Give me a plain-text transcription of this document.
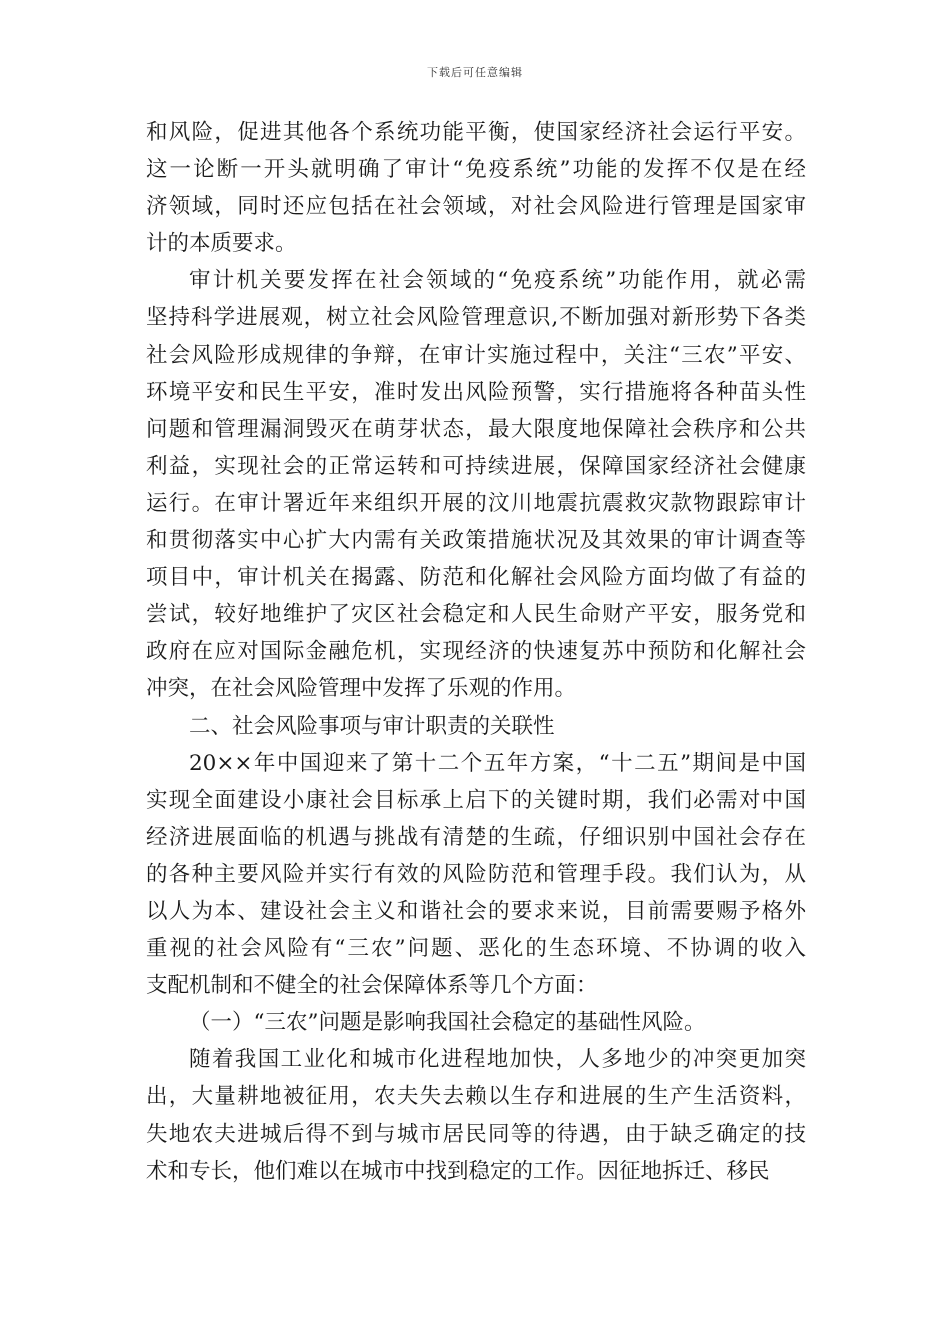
下载后可任意编辑
和风险，促进其他各个系统功能平衡，使国家经济社会运行平安。
这一论断一开头就明确了审计“免疫系统”功能的发挥不仅是在经
济领域，同时还应包括在社会领域，对社会风险进行管理是国家审
计的本质要求。
审计机关要发挥在社会领域的“免疫系统”功能作用，就必需
坚持科学进展观，树立社会风险管理意识,不断加强对新形势下各类
社会风险形成规律的争辩，在审计实施过程中，关注“三农”平安、
环境平安和民生平安，准时发出风险预警，实行措施将各种苗头性
问题和管理漏洞毁灭在萌芽状态，最大限度地保障社会秩序和公共
利益，实现社会的正常运转和可持续进展，保障国家经济社会健康
运行。在审计署近年来组织开展的汶川地震抗震救灾款物跟踪审计
和贯彻落实中心扩大内需有关政策措施状况及其效果的审计调查等
项目中，审计机关在揭露、防范和化解社会风险方面均做了有益的
尝试，较好地维护了灾区社会稳定和人民生命财产平安，服务党和
政府在应对国际金融危机，实现经济的快速复苏中预防和化解社会
冲突，在社会风险管理中发挥了乐观的作用。
二、社会风险事项与审计职责的关联性
20××年中国迎来了第十二个五年方案，“十二五”期间是中国
实现全面建设小康社会目标承上启下的关键时期，我们必需对中国
经济进展面临的机遇与挑战有清楚的生疏，仔细识别中国社会存在
的各种主要风险并实行有效的风险防范和管理手段。我们认为，从
以人为本、建设社会主义和谐社会的要求来说，目前需要赐予格外
重视的社会风险有“三农”问题、恶化的生态环境、不协调的收入
支配机制和不健全的社会保障体系等几个方面：
（一）“三农”问题是影响我国社会稳定的基础性风险。
随着我国工业化和城市化进程地加快，人多地少的冲突更加突
出，大量耕地被征用，农夫失去赖以生存和进展的生产生活资料，
失地农夫进城后得不到与城市居民同等的待遇，由于缺乏确定的技
术和专长，他们难以在城市中找到稳定的工作。因征地拆迁、移民
